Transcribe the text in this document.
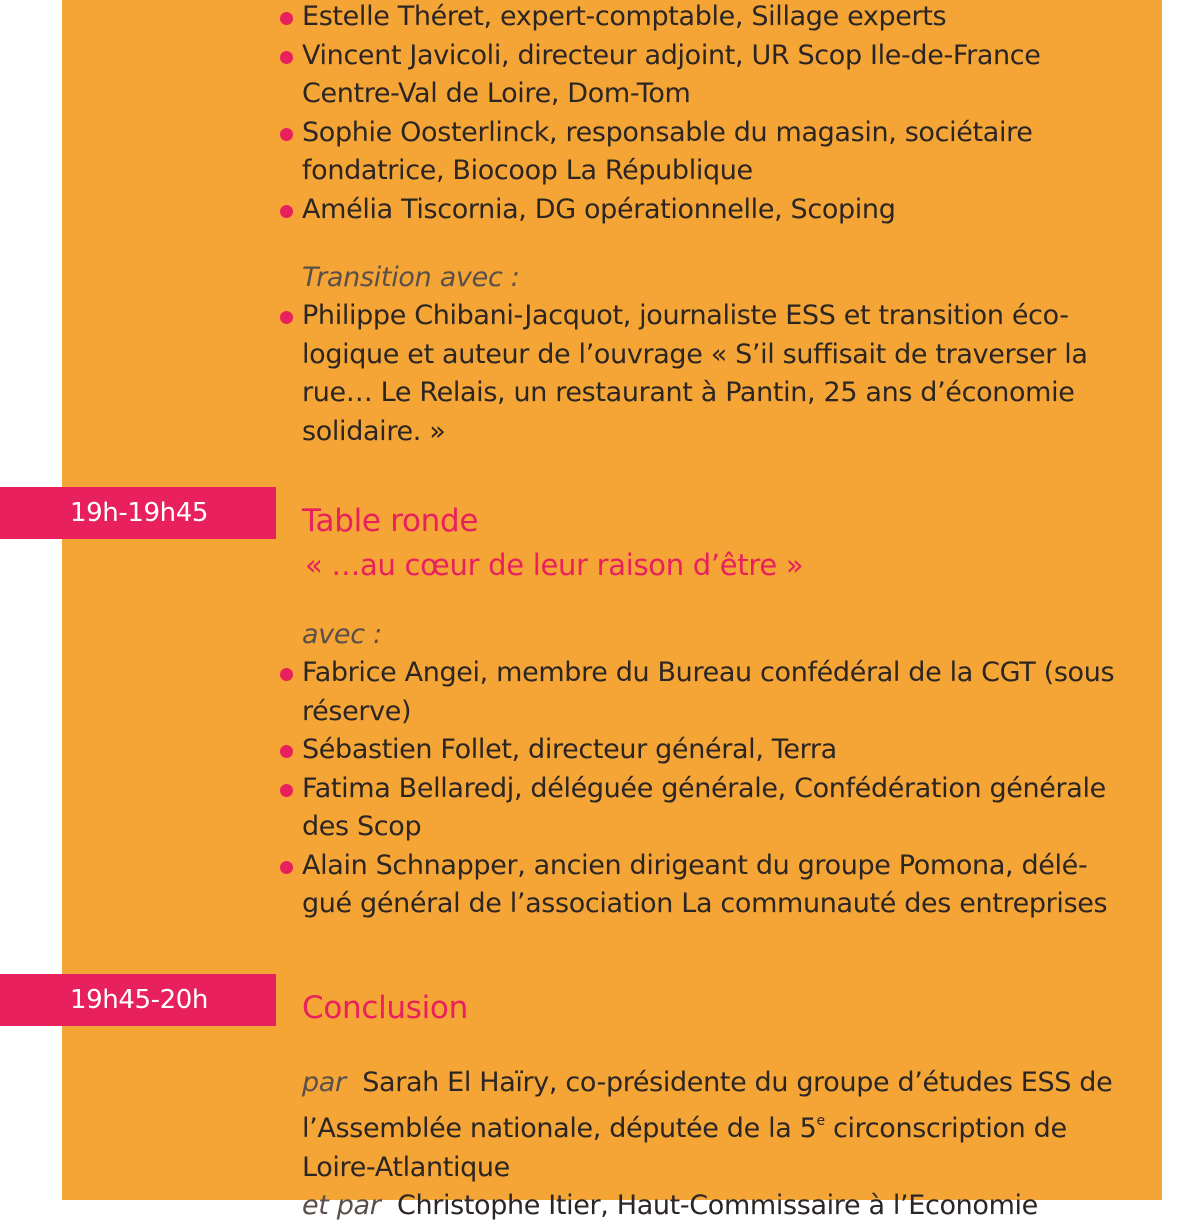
19h-19h45
19h45-20h
Estelle Théret, expert-comptable, Sillage experts
Vincent Javicoli, directeur adjoint, UR Scop Ile-de-France
Centre-Val de Loire, Dom-Tom
Sophie Oosterlinck, responsable du magasin, sociétaire
fondatrice, Biocoop La République
Amélia Tiscornia, DG opérationnelle, Scoping
Transition avec :
Philippe Chibani-Jacquot, journaliste ESS et transition éco-
logique et auteur de l’ouvrage « S’il suffisait de traverser la
rue… Le Relais, un restaurant à Pantin, 25 ans d’économie
solidaire. »
Table ronde
« …au cœur de leur raison d’être »
avec :
Fabrice Angei, membre du Bureau confédéral de la CGT (sous
réserve)
Sébastien Follet, directeur général, Terra
Fatima Bellaredj, déléguée générale, Confédération générale
des Scop
Alain Schnapper, ancien dirigeant du groupe Pomona, délé-
gué général de l’association La communauté des entreprises
Conclusion
par Sarah El Haïry, co-présidente du groupe d’études ESS de
l’Assemblée nationale, députée de la 5e circonscription de
Loire-Atlantique
et par Christophe Itier, Haut-Commissaire à l’Economie
